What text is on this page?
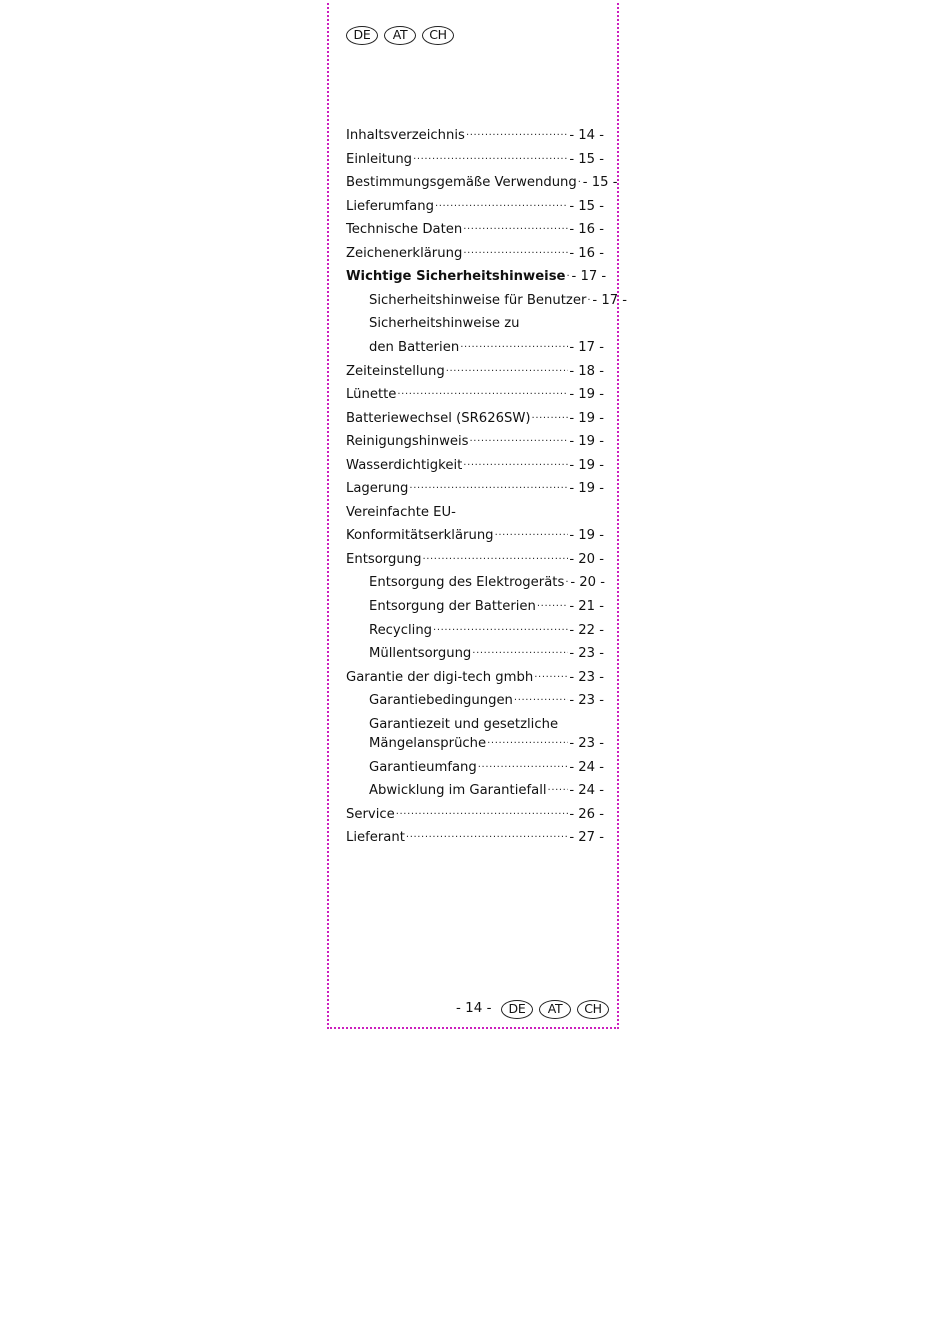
DE	AT	CH
Inhaltsverzeichnis .....	- 14 -
Einleitung .....	- 15 -
Bestimmungsgemäße Verwendung ..... - 15 -
Lieferumfang .....	- 15 -
Technische Daten .....	- 16 -
Zeichenerklärung .....	- 16 -
Wichtige Sicherheitshinweise ..... - 17 -
Sicherheitshinweise für Benutzer ..... - 17 -
Sicherheitshinweise zu
den Batterien .....	- 17 -
Zeiteinstellung .....	- 18 -
Lünette .....	- 19 -
Batteriewechsel (SR626SW) .....	- 19 -
Reinigungshinweis .....	- 19 -
Wasserdichtigkeit .....	- 19 -
Lagerung .....	- 19 -
Vereinfachte EU-
Konformitätserklärung .....	- 19 -
Entsorgung .....	- 20 -
Entsorgung des Elektrogeräts ..... - 20 -
Entsorgung der Batterien .....	- 21 -
Recycling .....	- 22 -
Müllentsorgung .....	- 23 -
Garantie der digi-tech gmbh .....	- 23 -
Garantiebedingungen .....	- 23 -
Garantiezeit und gesetzliche
Mängelansprüche .....	- 23 -
Garantieumfang .....	- 24 -
Abwicklung im Garantiefall ..... - 24 -
Service .....	- 26 -
Lieferant .....	- 27 -
- 14 -	DE	AT	CH
